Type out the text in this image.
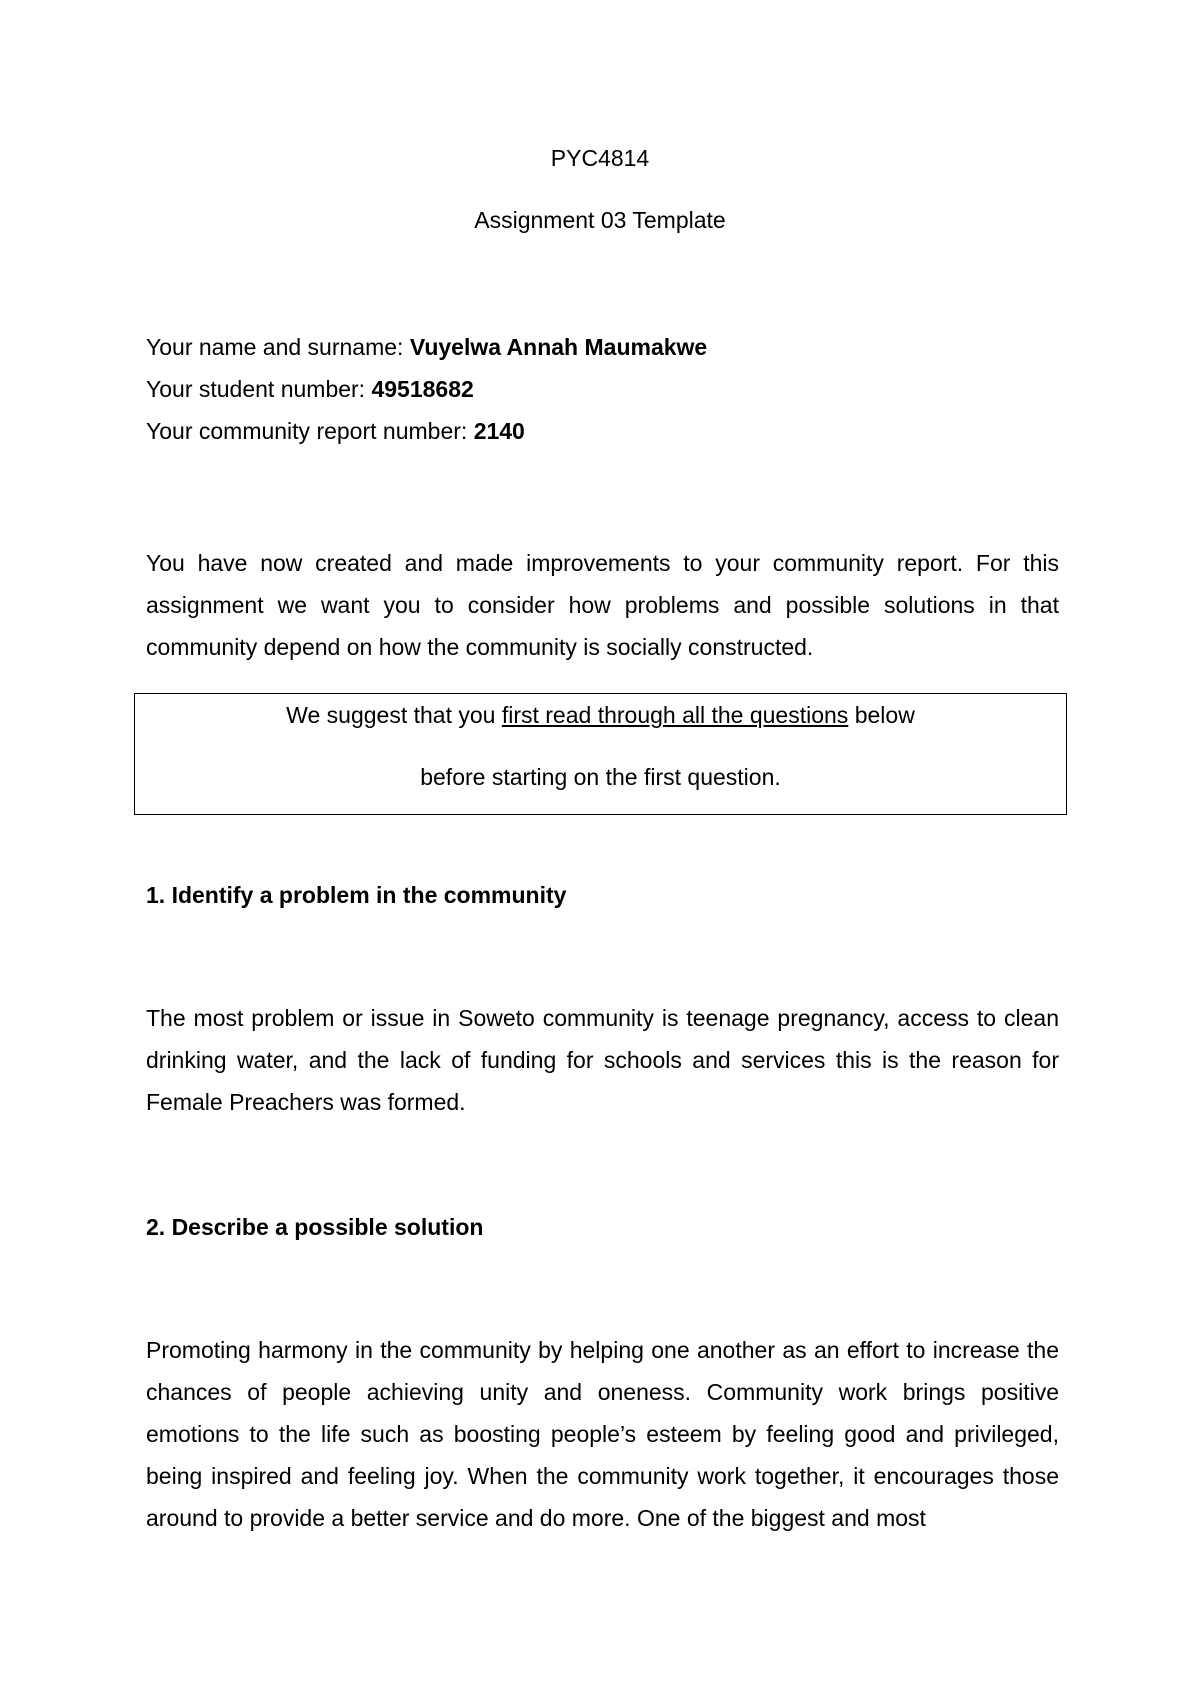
PYC4814
Assignment 03 Template
Your name and surname: Vuyelwa Annah Maumakwe
Your student number: 49518682
Your community report number: 2140

You have now created and made improvements to your community report. For this assignment we want you to consider how problems and possible solutions in that community depend on how the community is socially constructed.

We suggest that you first read through all the questions below
before starting on the first question.
1. Identify a problem in the community

The most problem or issue in Soweto community is teenage pregnancy, access to clean drinking water, and the lack of funding for schools and services this is the reason for Female Preachers was formed.

2. Describe a possible solution

Promoting harmony in the community by helping one another as an effort to increase the chances of people achieving unity and oneness. Community work brings positive emotions to the life such as boosting people’s esteem by feeling good and privileged, being inspired and feeling joy. When the community work together, it encourages those around to provide a better service and do more. One of the biggest and most
